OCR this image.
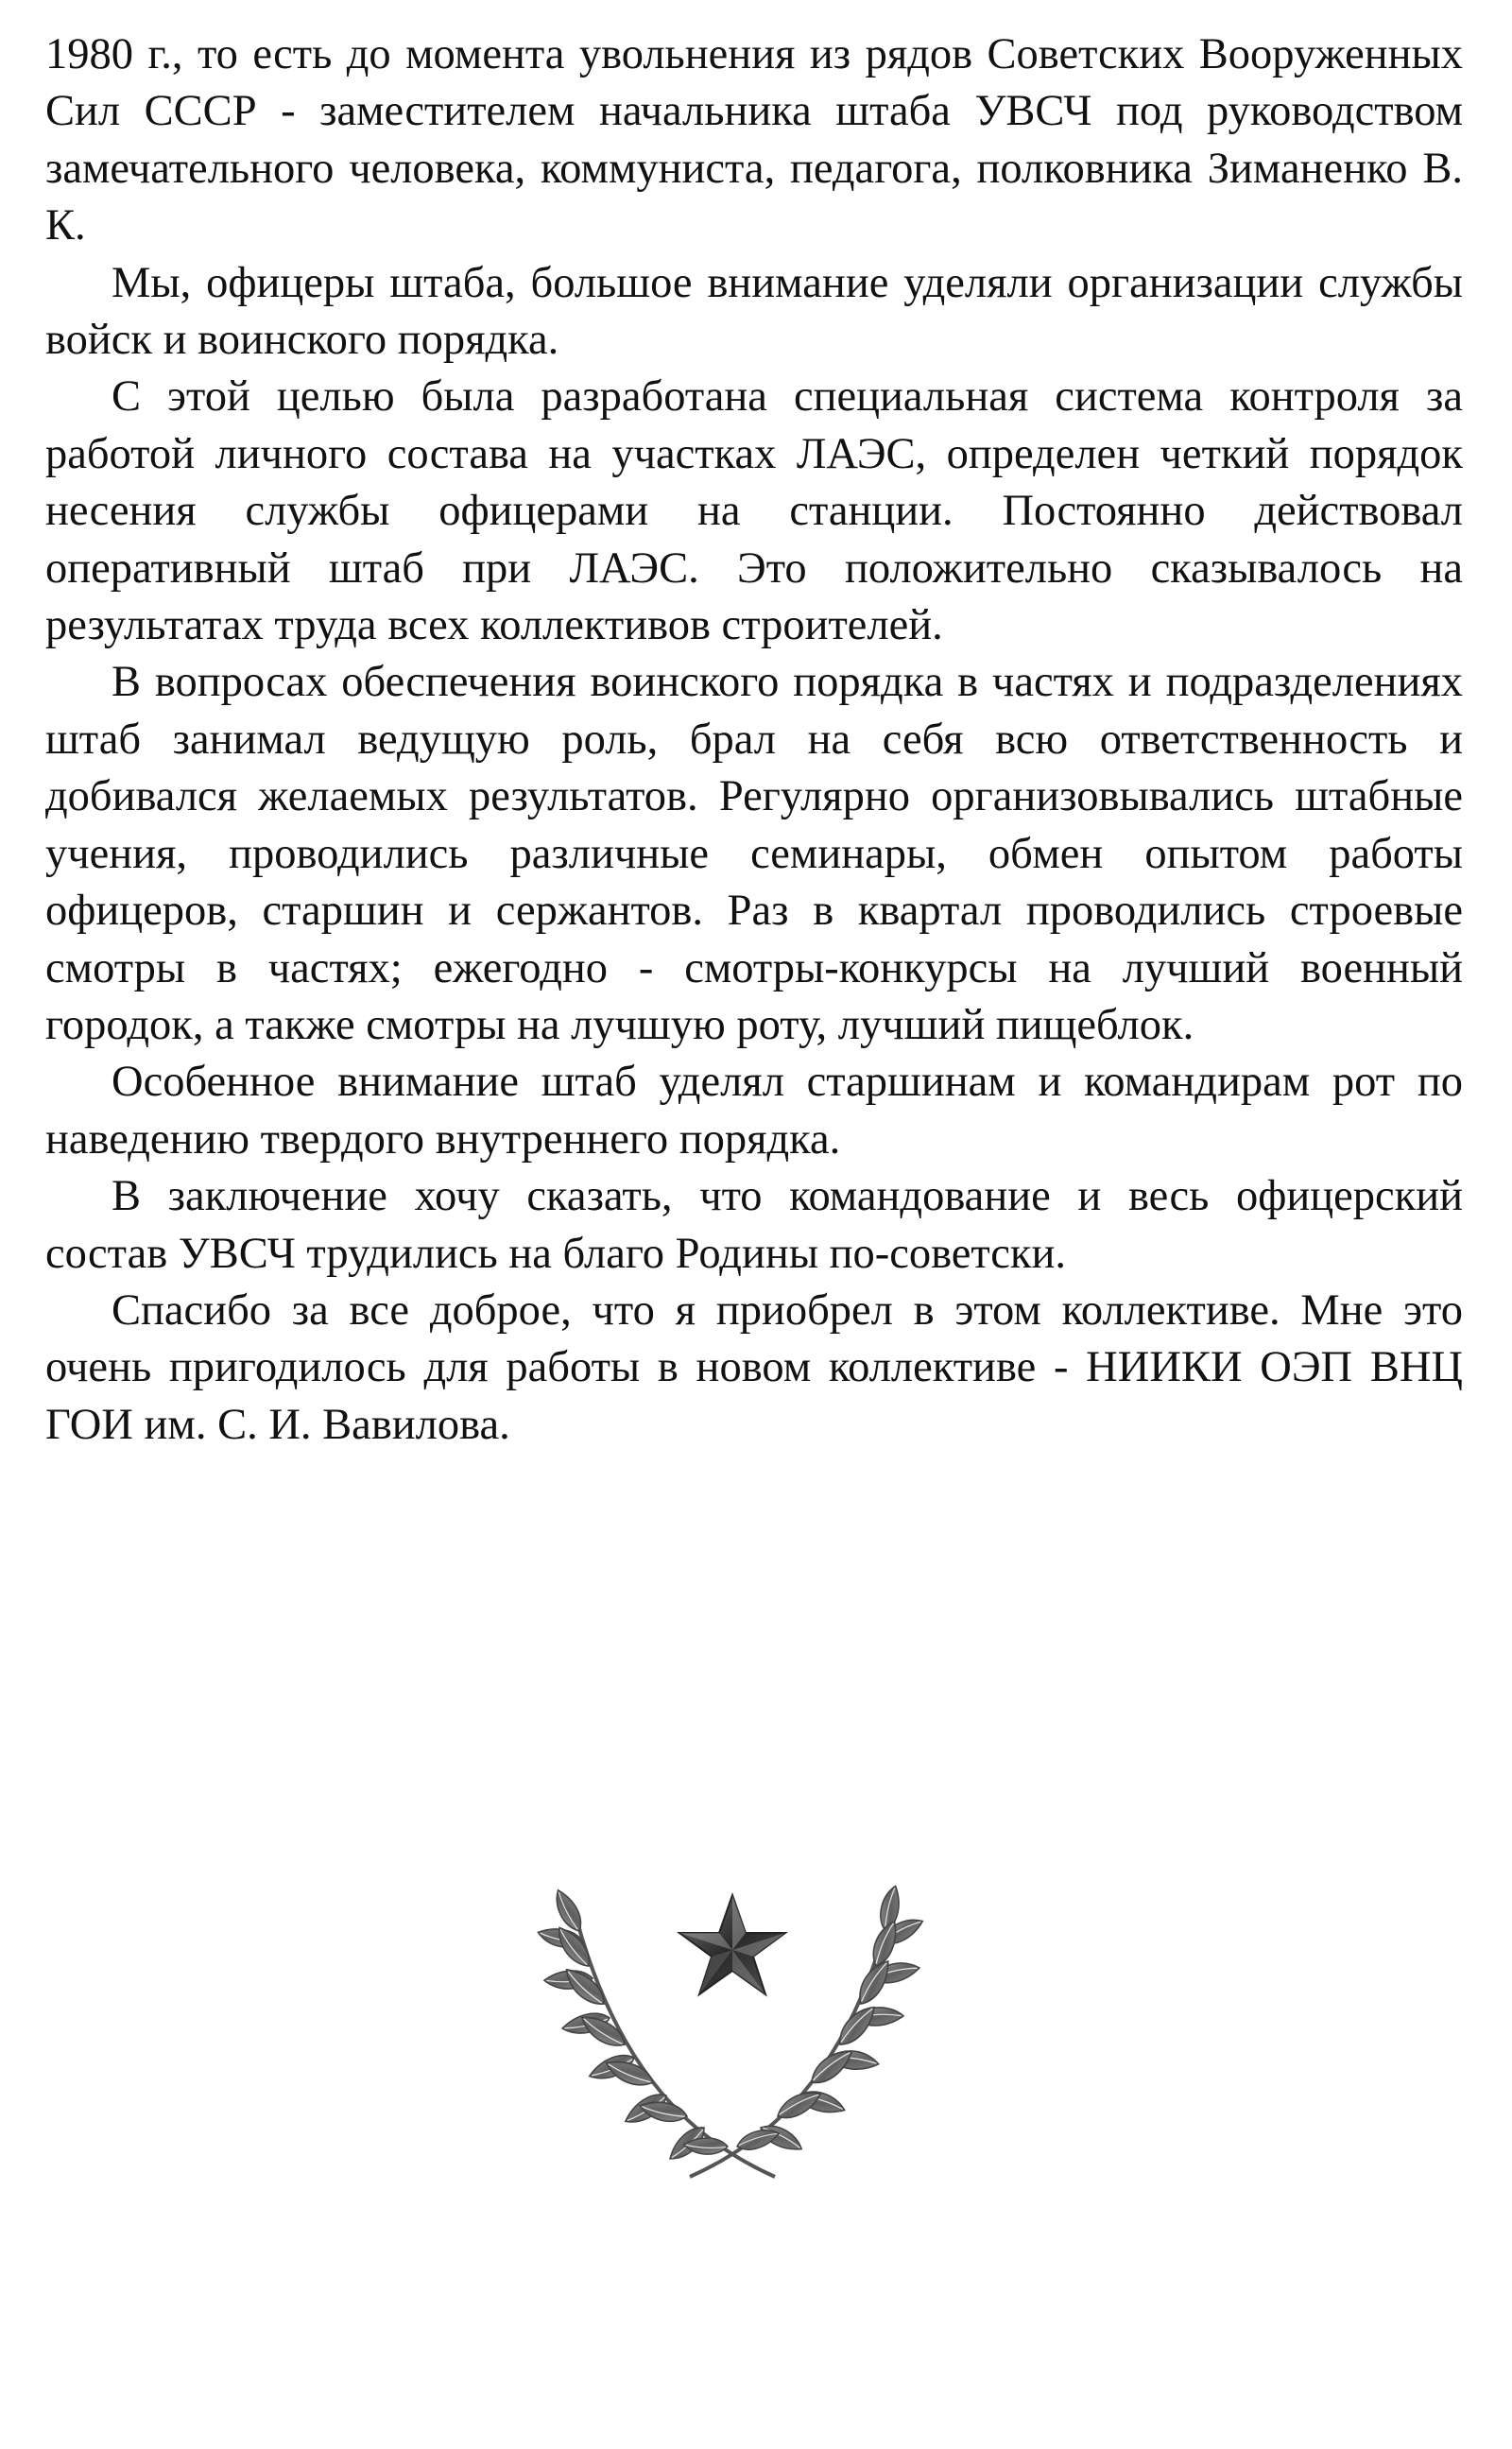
1980 г., то есть до момента увольнения из рядов Советских Вооруженных Сил СССР - заместителем начальника штаба УВСЧ под руководством замечательного человека, коммуниста, педагога, полковника Зиманенко В. К.

Мы, офицеры штаба, большое внимание уделяли организации службы войск и воинского порядка.

С этой целью была разработана специальная система контроля за работой личного состава на участках ЛАЭС, определен четкий порядок несения службы офицерами на станции. Постоянно действовал оперативный штаб при ЛАЭС. Это положительно сказывалось на результатах труда всех коллективов строителей.

В вопросах обеспечения воинского порядка в частях и подразделениях штаб занимал ведущую роль, брал на себя всю ответственность и добивался желаемых результатов. Регулярно организовывались штабные учения, проводились различные семинары, обмен опытом работы офицеров, старшин и сержантов. Раз в квартал проводились строевые смотры в частях; ежегодно - смотры-конкурсы на лучший военный городок, а также смотры на лучшую роту, лучший пищеблок.

Особенное внимание штаб уделял старшинам и командирам рот по наведению твердого внутреннего порядка.

В заключение хочу сказать, что командование и весь офицерский состав УВСЧ трудились на благо Родины по-советски.

Спасибо за все доброе, что я приобрел в этом коллективе. Мне это очень пригодилось для работы в новом коллективе - НИИКИ ОЭП ВНЦ ГОИ им. С. И. Вавилова.
